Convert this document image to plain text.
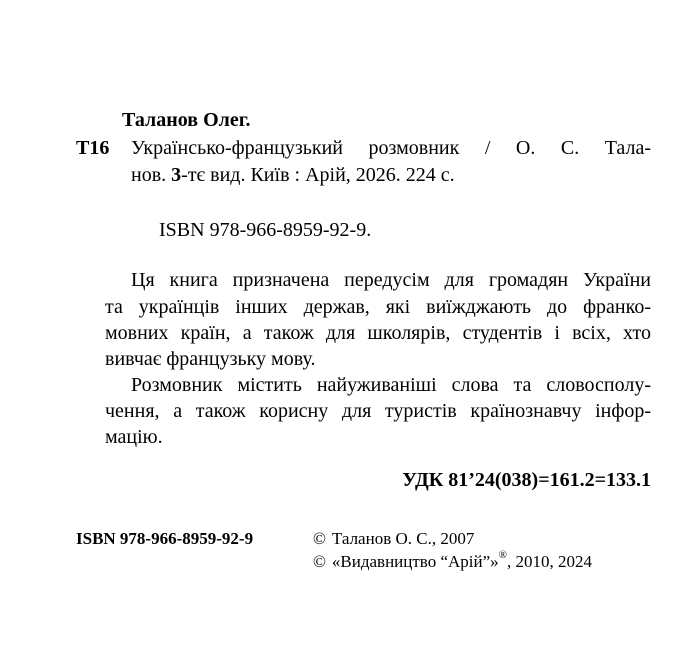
Таланов Олег.
Т16 Українсько-французький розмовник / О. С. Тала-
нов. 3-тє вид. Київ : Арій, 2026. 224 с.
ISBN 978-966-8959-92-9.
Ця книга призначена передусім для громадян України
та українців інших держав, які виїжджають до франко-
мовних країн, а також для школярів, студентів і всіх, хто
вивчає французьку мову.
Розмовник містить найуживаніші слова та словосполу-
чення, а також корисну для туристів країнознавчу інфор-
мацію.
УДК 81’24(038)=161.2=133.1
ISBN 978-966-8959-92-9	© Таланов О. С., 2007
© «Видавництво “Арій”»®, 2010, 2024
